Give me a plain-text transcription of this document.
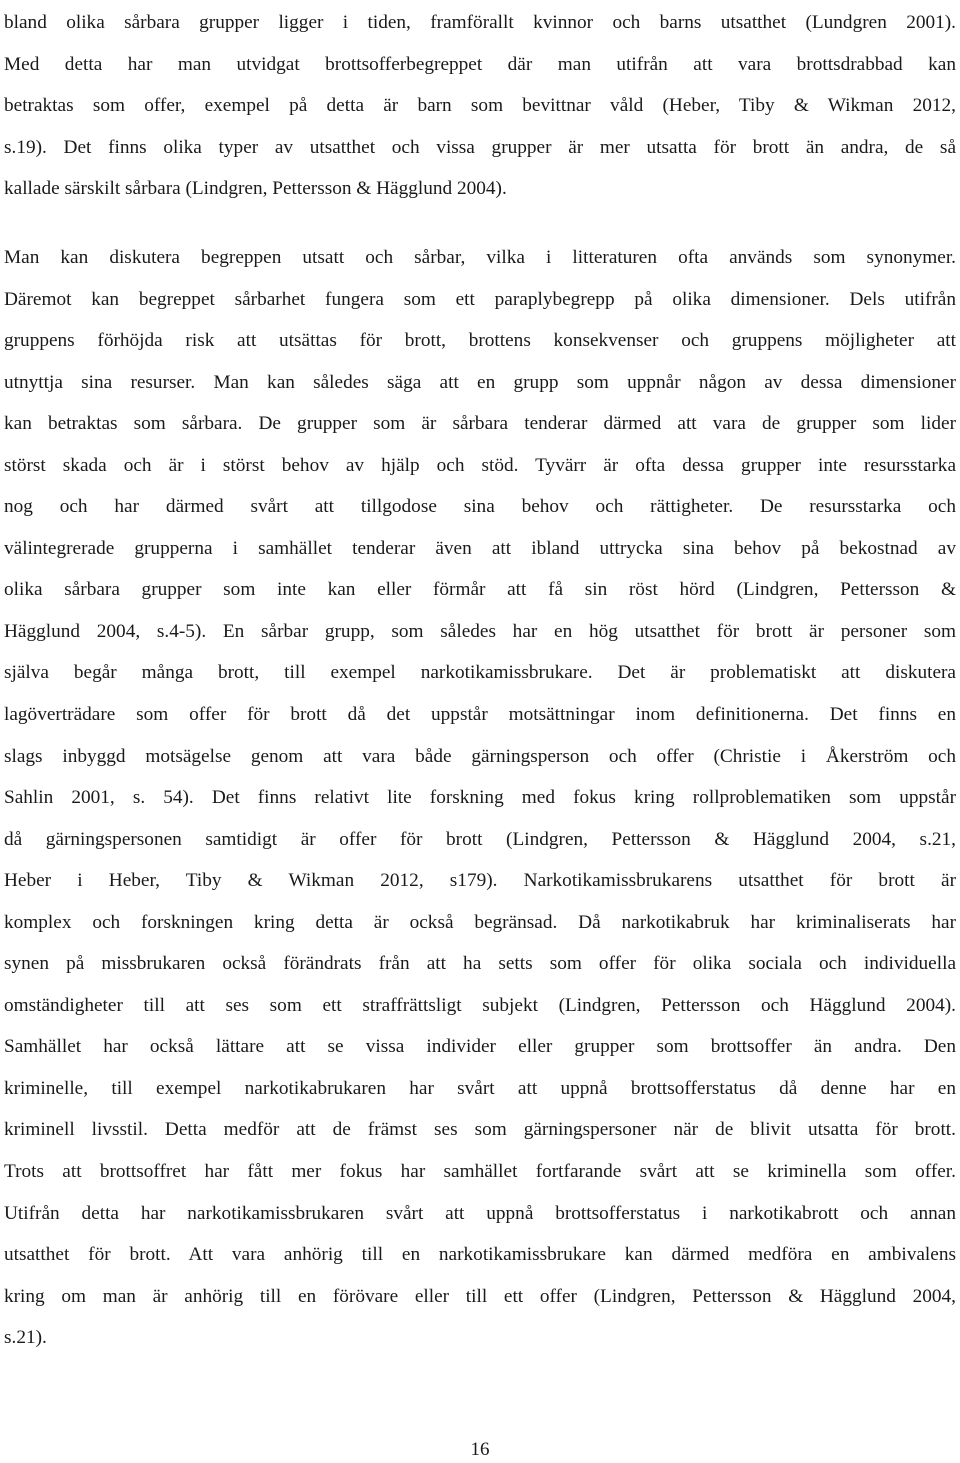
bland olika sårbara grupper ligger i tiden, framförallt kvinnor och barns utsatthet (Lundgren 2001).
Med detta har man utvidgat brottsofferbegreppet där man utifrån att vara brottsdrabbad kan
betraktas som offer, exempel på detta är barn som bevittnar våld (Heber, Tiby & Wikman 2012,
s.19). Det finns olika typer av utsatthet och vissa grupper är mer utsatta för brott än andra, de så
kallade särskilt sårbara (Lindgren, Pettersson & Hägglund 2004).
Man kan diskutera begreppen utsatt och sårbar, vilka i litteraturen ofta används som synonymer.
Däremot kan begreppet sårbarhet fungera som ett paraplybegrepp på olika dimensioner. Dels utifrån
gruppens förhöjda risk att utsättas för brott, brottens konsekvenser och gruppens möjligheter att
utnyttja sina resurser. Man kan således säga att en grupp som uppnår någon av dessa dimensioner
kan betraktas som sårbara. De grupper som är sårbara tenderar därmed att vara de grupper som lider
störst skada och är i störst behov av hjälp och stöd. Tyvärr är ofta dessa grupper inte resursstarka
nog och har därmed svårt att tillgodose sina behov och rättigheter. De resursstarka och
välintegrerade grupperna i samhället tenderar även att ibland uttrycka sina behov på bekostnad av
olika sårbara grupper som inte kan eller förmår att få sin röst hörd (Lindgren, Pettersson &
Hägglund 2004, s.4-5). En sårbar grupp, som således har en hög utsatthet för brott är personer som
själva begår många brott, till exempel narkotikamissbrukare. Det är problematiskt att diskutera
lagöverträdare som offer för brott då det uppstår motsättningar inom definitionerna. Det finns en
slags inbyggd motsägelse genom att vara både gärningsperson och offer (Christie i Åkerström och
Sahlin 2001, s. 54). Det finns relativt lite forskning med fokus kring rollproblematiken som uppstår
då gärningspersonen samtidigt är offer för brott (Lindgren, Pettersson & Hägglund 2004, s.21,
Heber i Heber, Tiby & Wikman 2012, s179). Narkotikamissbrukarens utsatthet för brott är
komplex och forskningen kring detta är också begränsad. Då narkotikabruk har kriminaliserats har
synen på missbrukaren också förändrats från att ha setts som offer för olika sociala och individuella
omständigheter till att ses som ett straffrättsligt subjekt (Lindgren, Pettersson och Hägglund 2004).
Samhället har också lättare att se vissa individer eller grupper som brottsoffer än andra. Den
kriminelle, till exempel narkotikabrukaren har svårt att uppnå brottsofferstatus då denne har en
kriminell livsstil. Detta medför att de främst ses som gärningspersoner när de blivit utsatta för brott.
Trots att brottsoffret har fått mer fokus har samhället fortfarande svårt att se kriminella som offer.
Utifrån detta har narkotikamissbrukaren svårt att uppnå brottsofferstatus i narkotikabrott och annan
utsatthet för brott. Att vara anhörig till en narkotikamissbrukare kan därmed medföra en ambivalens
kring om man är anhörig till en förövare eller till ett offer (Lindgren, Pettersson & Hägglund 2004,
s.21).
16
